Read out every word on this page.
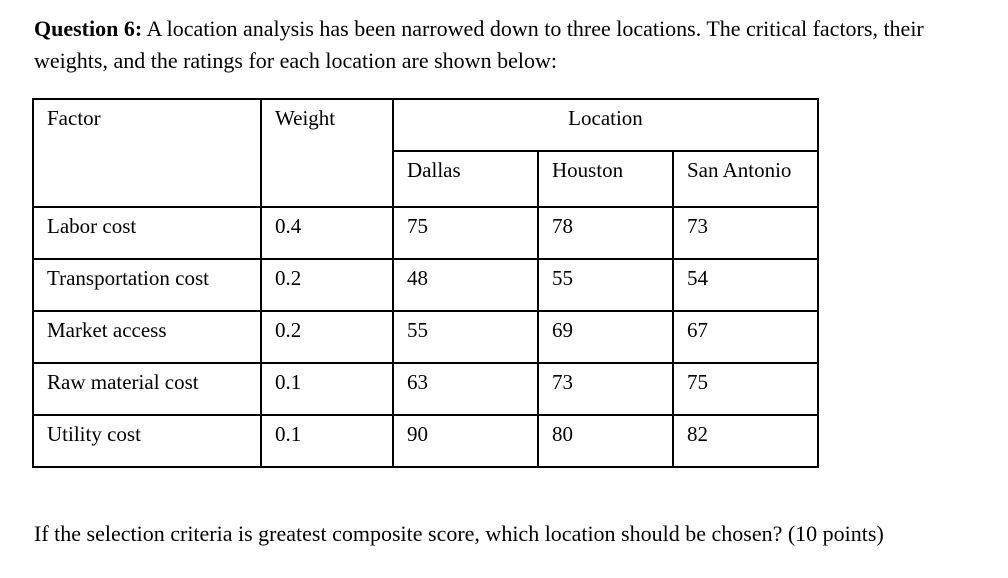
Question 6: A location analysis has been narrowed down to three locations. The critical factors, their weights, and the ratings for each location are shown below:

Factor	Weight	Location		
		Dallas	Houston	San Antonio
Labor cost	0.4	75	78	73
Transportation cost	0.2	48	55	54
Market access	0.2	55	69	67
Raw material cost	0.1	63	73	75
Utility cost	0.1	90	80	82

If the selection criteria is greatest composite score, which location should be chosen? (10 points)
